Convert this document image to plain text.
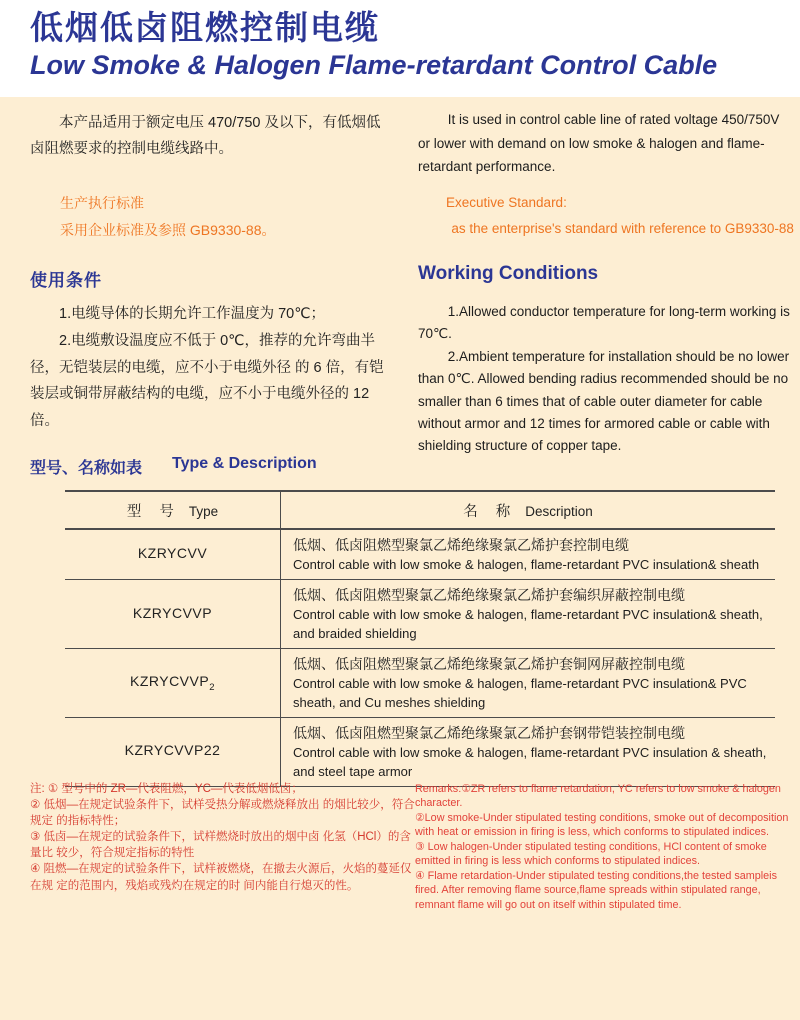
低烟低卤阻燃控制电缆
Low Smoke & Halogen Flame-retardant Control Cable

本产品适用于额定电压 470/750 及以下，有低烟低卤阻燃要求的控制电缆线路中。

It is used in control cable line of rated voltage 450/750V or lower with demand on low smoke & halogen and flame-retardant performance.

生产执行标准
采用企业标准及参照 GB9330-88。
Executive Standard:
as the enterprise's standard with reference to GB9330-88
使用条件	Working Conditions

1.电缆导体的长期允许工作温度为 70℃；

2.电缆敷设温度应不低于 0℃，推荐的允许弯曲半径，无铠装层的电缆，应不小于电缆外径 的 6 倍，有铠装层或铜带屏蔽结构的电缆，应不小于电缆外径的 12 倍。

1.Allowed conductor temperature for long-term working is 70℃.

2.Ambient temperature for installation should be no lower than 0℃. Allowed bending radius recommended should be no smaller than 6 times that of cable outer diameter for cable without armor and 12 times for armored cable or cable with shielding structure of copper tape.

型号、名称如表 Type & Description
型 号 Type	名 称 Description
KZRYCVV	低烟、低卤阻燃型聚氯乙烯绝缘聚氯乙烯护套控制电缆
Control cable with low smoke & halogen, flame-retardant PVC insulation& sheath

KZRYCVVP	低烟、低卤阻燃型聚氯乙烯绝缘聚氯乙烯护套编织屏蔽控制电缆
Control cable with low smoke & halogen, flame-retardant PVC insulation& sheath, and braided shielding

$KZRYCVVP_2$	低烟、低卤阻燃型聚氯乙烯绝缘聚氯乙烯护套铜网屏蔽控制电缆
Control cable with low smoke & halogen, flame-retardant PVC insulation& PVC sheath, and Cu meshes shielding

KZRYCVVP22	低烟、低卤阻燃型聚氯乙烯绝缘聚氯乙烯护套钢带铠装控制电缆
Control cable with low smoke & halogen, flame-retardant PVC insulation & sheath, and steel tape armor

注: ① 型号中的 ZR—代表阻燃，YC—代表低烟低卤；

② 低烟—在规定试验条件下，试样受热分解或燃烧释放出 的烟比较少，符合规定 的指标特性；

③ 低卤—在规定的试验条件下，试样燃烧时放出的烟中卤 化氢（HCl）的含量比 较少，符合规定指标的特性

④ 阻燃—在规定的试验条件下，试样被燃烧，在撤去火源后，火焰的蔓延仅在规 定的范围内，残焰或残灼在规定的时 间内能自行熄灭的性。

Remarks:①ZR refers to flame retardation, YC refers to low smoke & halogen character.

②Low smoke-Under stipulated testing conditions, smoke out of decomposition with heat or emission in firing is less, which conforms to stipulated indices.

③ Low halogen-Under stipulated testing conditions, HCl content of smoke emitted in firing is less which conforms to stipulated indices.

④ Flame retardation-Under stipulated testing conditions,the tested sampleis fired. After removing flame source,flame spreads within stipulated range, remnant flame will go out on itself within stipulated time.
